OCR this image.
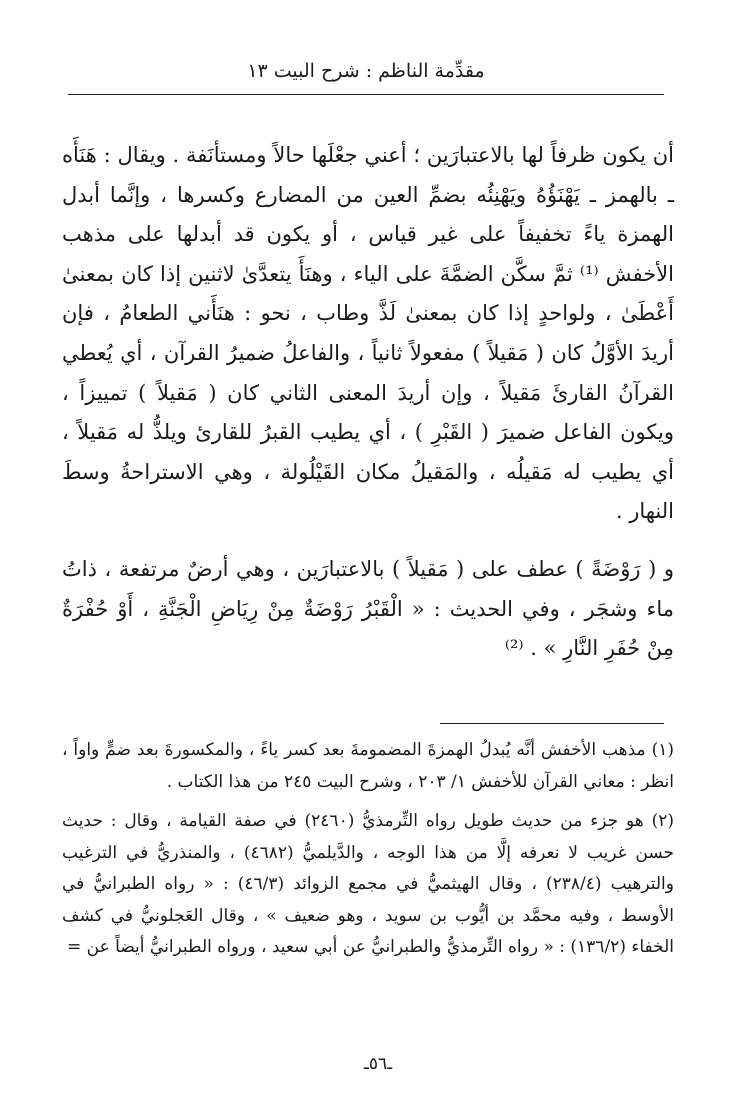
مقدِّمة الناظم : شرح البيت ١٣

أن يكون ظرفاً لها بالاعتبارَين ؛ أعني جعْلَها حالاً ومستأنَفة . ويقال : هَنَأَه ـ بالهمز ـ يَهْنَؤُهُ ويَهْنِئُه بضمِّ العين من المضارع وكسرها ، وإنَّما أبدل الهمزة ياءً تخفيفاً على غير قياس ، أو يكون قد أبدلها على مذهب الأخفش ⁽¹⁾ ثمَّ سكَّن الضمَّةَ على الياء ، وهنَأَ يتعدَّىٰ لاثنين إذا كان بمعنىٰ أَعْطَىٰ ، ولواحدٍ إذا كان بمعنىٰ لَذَّ وطاب ، نحو : هنَأَني الطعامُ ، فإن أريدَ الأوَّلُ كان ( مَقيلاً ) مفعولاً ثانياً ، والفاعلُ ضميرُ القرآن ، أي يُعطي القرآنُ القارئَ مَقيلاً ، وإن أريدَ المعنى الثاني كان ( مَقيلاً ) تمييزاً ، ويكون الفاعل ضميرَ ( القَبْرِ ) ، أي يطيب القبرُ للقارئ ويلذُّ له مَقيلاً ، أي يطيب له مَقيلُه ، والمَقيلُ مكان القَيْلُولة ، وهي الاستراحةُ وسطَ النهار .

و ( رَوْضَةً ) عطف على ( مَقيلاً ) بالاعتبارَين ، وهي أرضٌ مرتفعة ، ذاتُ ماء وشجَر ، وفي الحديث : « الْقَبْرُ رَوْضَةٌ مِنْ رِيَاضِ الْجَنَّةِ ، أَوْ حُفْرَةٌ مِنْ حُفَرِ النَّارِ » . ⁽²⁾

(١) مذهب الأخفش أنَّه يُبدلُ الهمزةَ المضمومةَ بعد كسر ياءً ، والمكسورةَ بعد ضمٍّ واواً ، انظر : معاني القرآن للأخفش ١/ ٢٠٣ ، وشرح البيت ٢٤٥ من هذا الكتاب .

(٢) هو جزء من حديث طويل رواه التِّرمذيُّ (٢٤٦٠) في صفة القيامة ، وقال : حديث حسن غريب لا نعرفه إلَّا من هذا الوجه ، والدَّيلميُّ (٤٦٨٢) ، والمنذريُّ في الترغيب والترهيب (٢٣٨/٤) ، وقال الهيثميُّ في مجمع الزوائد (٤٦/٣) : « رواه الطبرانيُّ في الأوسط ، وفيه محمَّد بن أيُّوب بن سويد ، وهو ضعيف » ، وقال العَجلونيُّ في كشف الخفاء (١٣٦/٢) : « رواه التِّرمذيُّ والطبرانيُّ عن أبي سعيد ، ورواه الطبرانيُّ أيضاً عن =

ـ٥٦ـ
